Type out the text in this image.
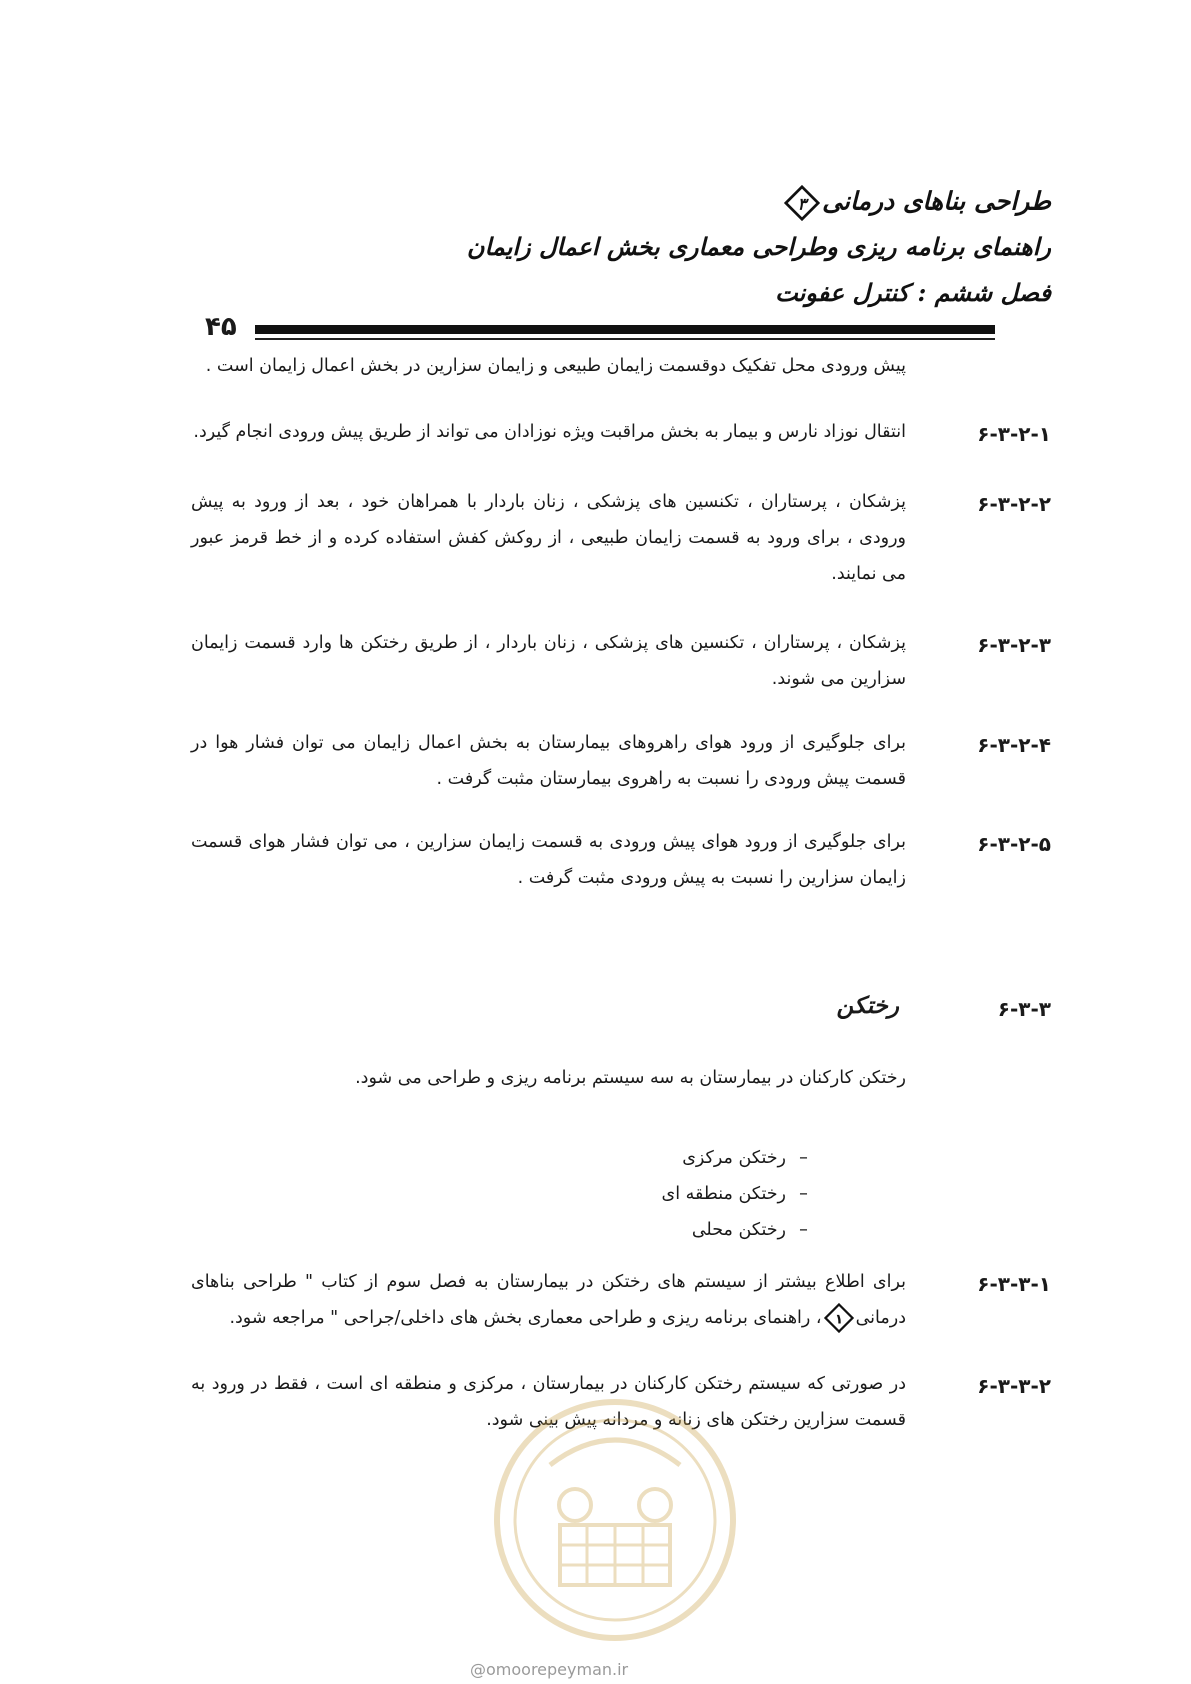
طراحی بناهای درمانی
۳
راهنمای برنامه ریزی وطراحی معماری بخش اعمال زایمان
فصل ششم : کنترل عفونت
۴۵
پیش ورودی محل تفکیک دوقسمت زایمان طبیعی و زایمان سزارین در بخش اعمال زایمان است .
۶-۳-۲-۱
انتقال نوزاد نارس و بیمار به بخش مراقبت ویژه نوزادان می تواند از طریق پیش ورودی انجام گیرد.
۶-۳-۲-۲
پزشکان ، پرستاران ، تکنسین های پزشکی ، زنان باردار با همراهان خود ، بعد از ورود به پیش ورودی ، برای ورود به قسمت زایمان طبیعی ، از روکش کفش استفاده کرده و از خط قرمز عبور می نمایند.
۶-۳-۲-۳
پزشکان ، پرستاران ، تکنسین های پزشکی ، زنان باردار ، از طریق رختکن ها وارد قسمت زایمان سزارین می شوند.
۶-۳-۲-۴
برای جلوگیری از ورود هوای راهروهای بیمارستان به بخش اعمال زایمان می توان فشار هوا در قسمت پیش ورودی را نسبت به راهروی بیمارستان مثبت گرفت .
۶-۳-۲-۵
برای جلوگیری از ورود هوای پیش ورودی به قسمت زایمان سزارین ، می توان فشار هوای قسمت زایمان سزارین را نسبت به پیش ورودی مثبت گرفت .
۶-۳-۳
رختکن
رختکن کارکنان در بیمارستان به سه سیستم برنامه ریزی و طراحی می شود.
–رختکن مرکزی
–رختکن منطقه ای
–رختکن محلی
۶-۳-۳-۱
برای اطلاع بیشتر از سیستم های رختکن در بیمارستان به فصل سوم از کتاب " طراحی بناهای درمانی
۱
، راهنمای برنامه ریزی و طراحی معماری بخش های داخلی/جراحی " مراجعه شود.
۶-۳-۳-۲
در صورتی که سیستم رختکن کارکنان در بیمارستان ، مرکزی و منطقه ای است ، فقط در ورود به قسمت سزارین رختکن های زنانه و مردانه پیش بینی شود.
@omoorepeyman.ir
